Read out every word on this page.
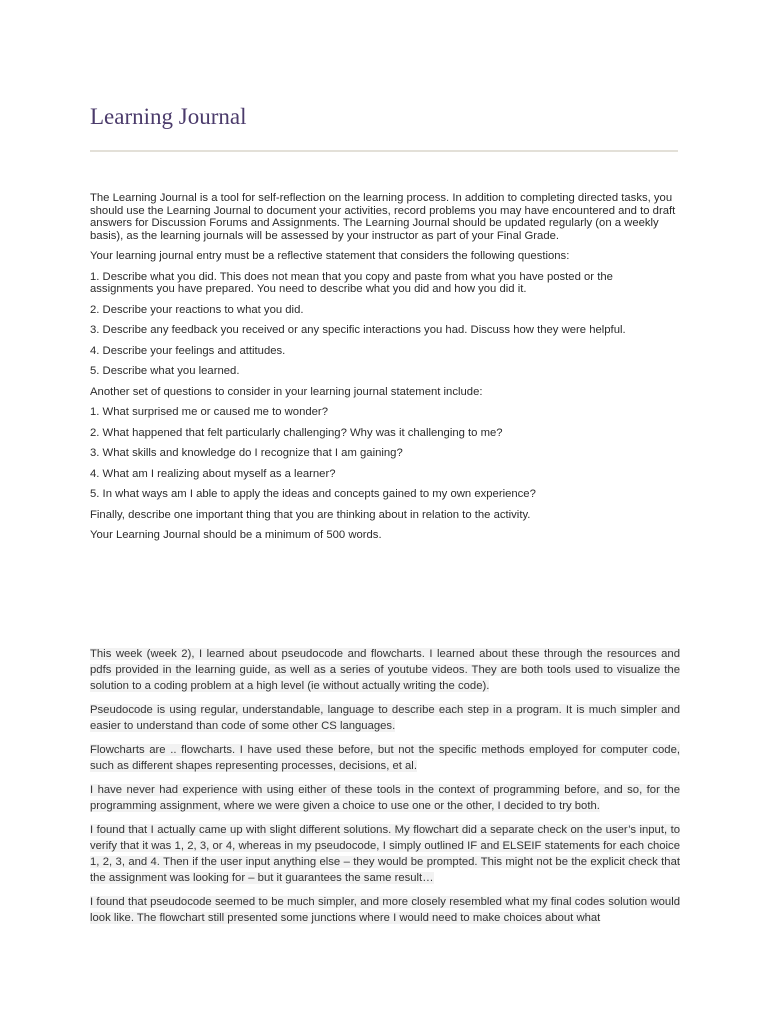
Learning Journal

The Learning Journal is a tool for self-reflection on the learning process. In addition to completing directed tasks, you should use the Learning Journal to document your activities, record problems you may have encountered and to draft answers for Discussion Forums and Assignments. The Learning Journal should be updated regularly (on a weekly basis), as the learning journals will be assessed by your instructor as part of your Final Grade.

Your learning journal entry must be a reflective statement that considers the following questions:

1. Describe what you did. This does not mean that you copy and paste from what you have posted or the assignments you have prepared. You need to describe what you did and how you did it.

2. Describe your reactions to what you did.

3. Describe any feedback you received or any specific interactions you had. Discuss how they were helpful.

4. Describe your feelings and attitudes.

5. Describe what you learned.

Another set of questions to consider in your learning journal statement include:

1. What surprised me or caused me to wonder?

2. What happened that felt particularly challenging? Why was it challenging to me?

3. What skills and knowledge do I recognize that I am gaining?

4. What am I realizing about myself as a learner?

5. In what ways am I able to apply the ideas and concepts gained to my own experience?

Finally, describe one important thing that you are thinking about in relation to the activity.

Your Learning Journal should be a minimum of 500 words.

This week (week 2), I learned about pseudocode and flowcharts. I learned about these through the resources and pdfs provided in the learning guide, as well as a series of youtube videos. They are both tools used to visualize the solution to a coding problem at a high level (ie without actually writing the code).

Pseudocode is using regular, understandable, language to describe each step in a program. It is much simpler and easier to understand than code of some other CS languages.

Flowcharts are .. flowcharts. I have used these before, but not the specific methods employed for computer code, such as different shapes representing processes, decisions, et al.

I have never had experience with using either of these tools in the context of programming before, and so, for the programming assignment, where we were given a choice to use one or the other, I decided to try both.

I found that I actually came up with slight different solutions. My flowchart did a separate check on the user’s input, to verify that it was 1, 2, 3, or 4, whereas in my pseudocode, I simply outlined IF and ELSEIF statements for each choice 1, 2, 3, and 4. Then if the user input anything else – they would be prompted. This might not be the explicit check that the assignment was looking for – but it guarantees the same result…

I found that pseudocode seemed to be much simpler, and more closely resembled what my final codes solution would look like. The flowchart still presented some junctions where I would need to make choices about what
